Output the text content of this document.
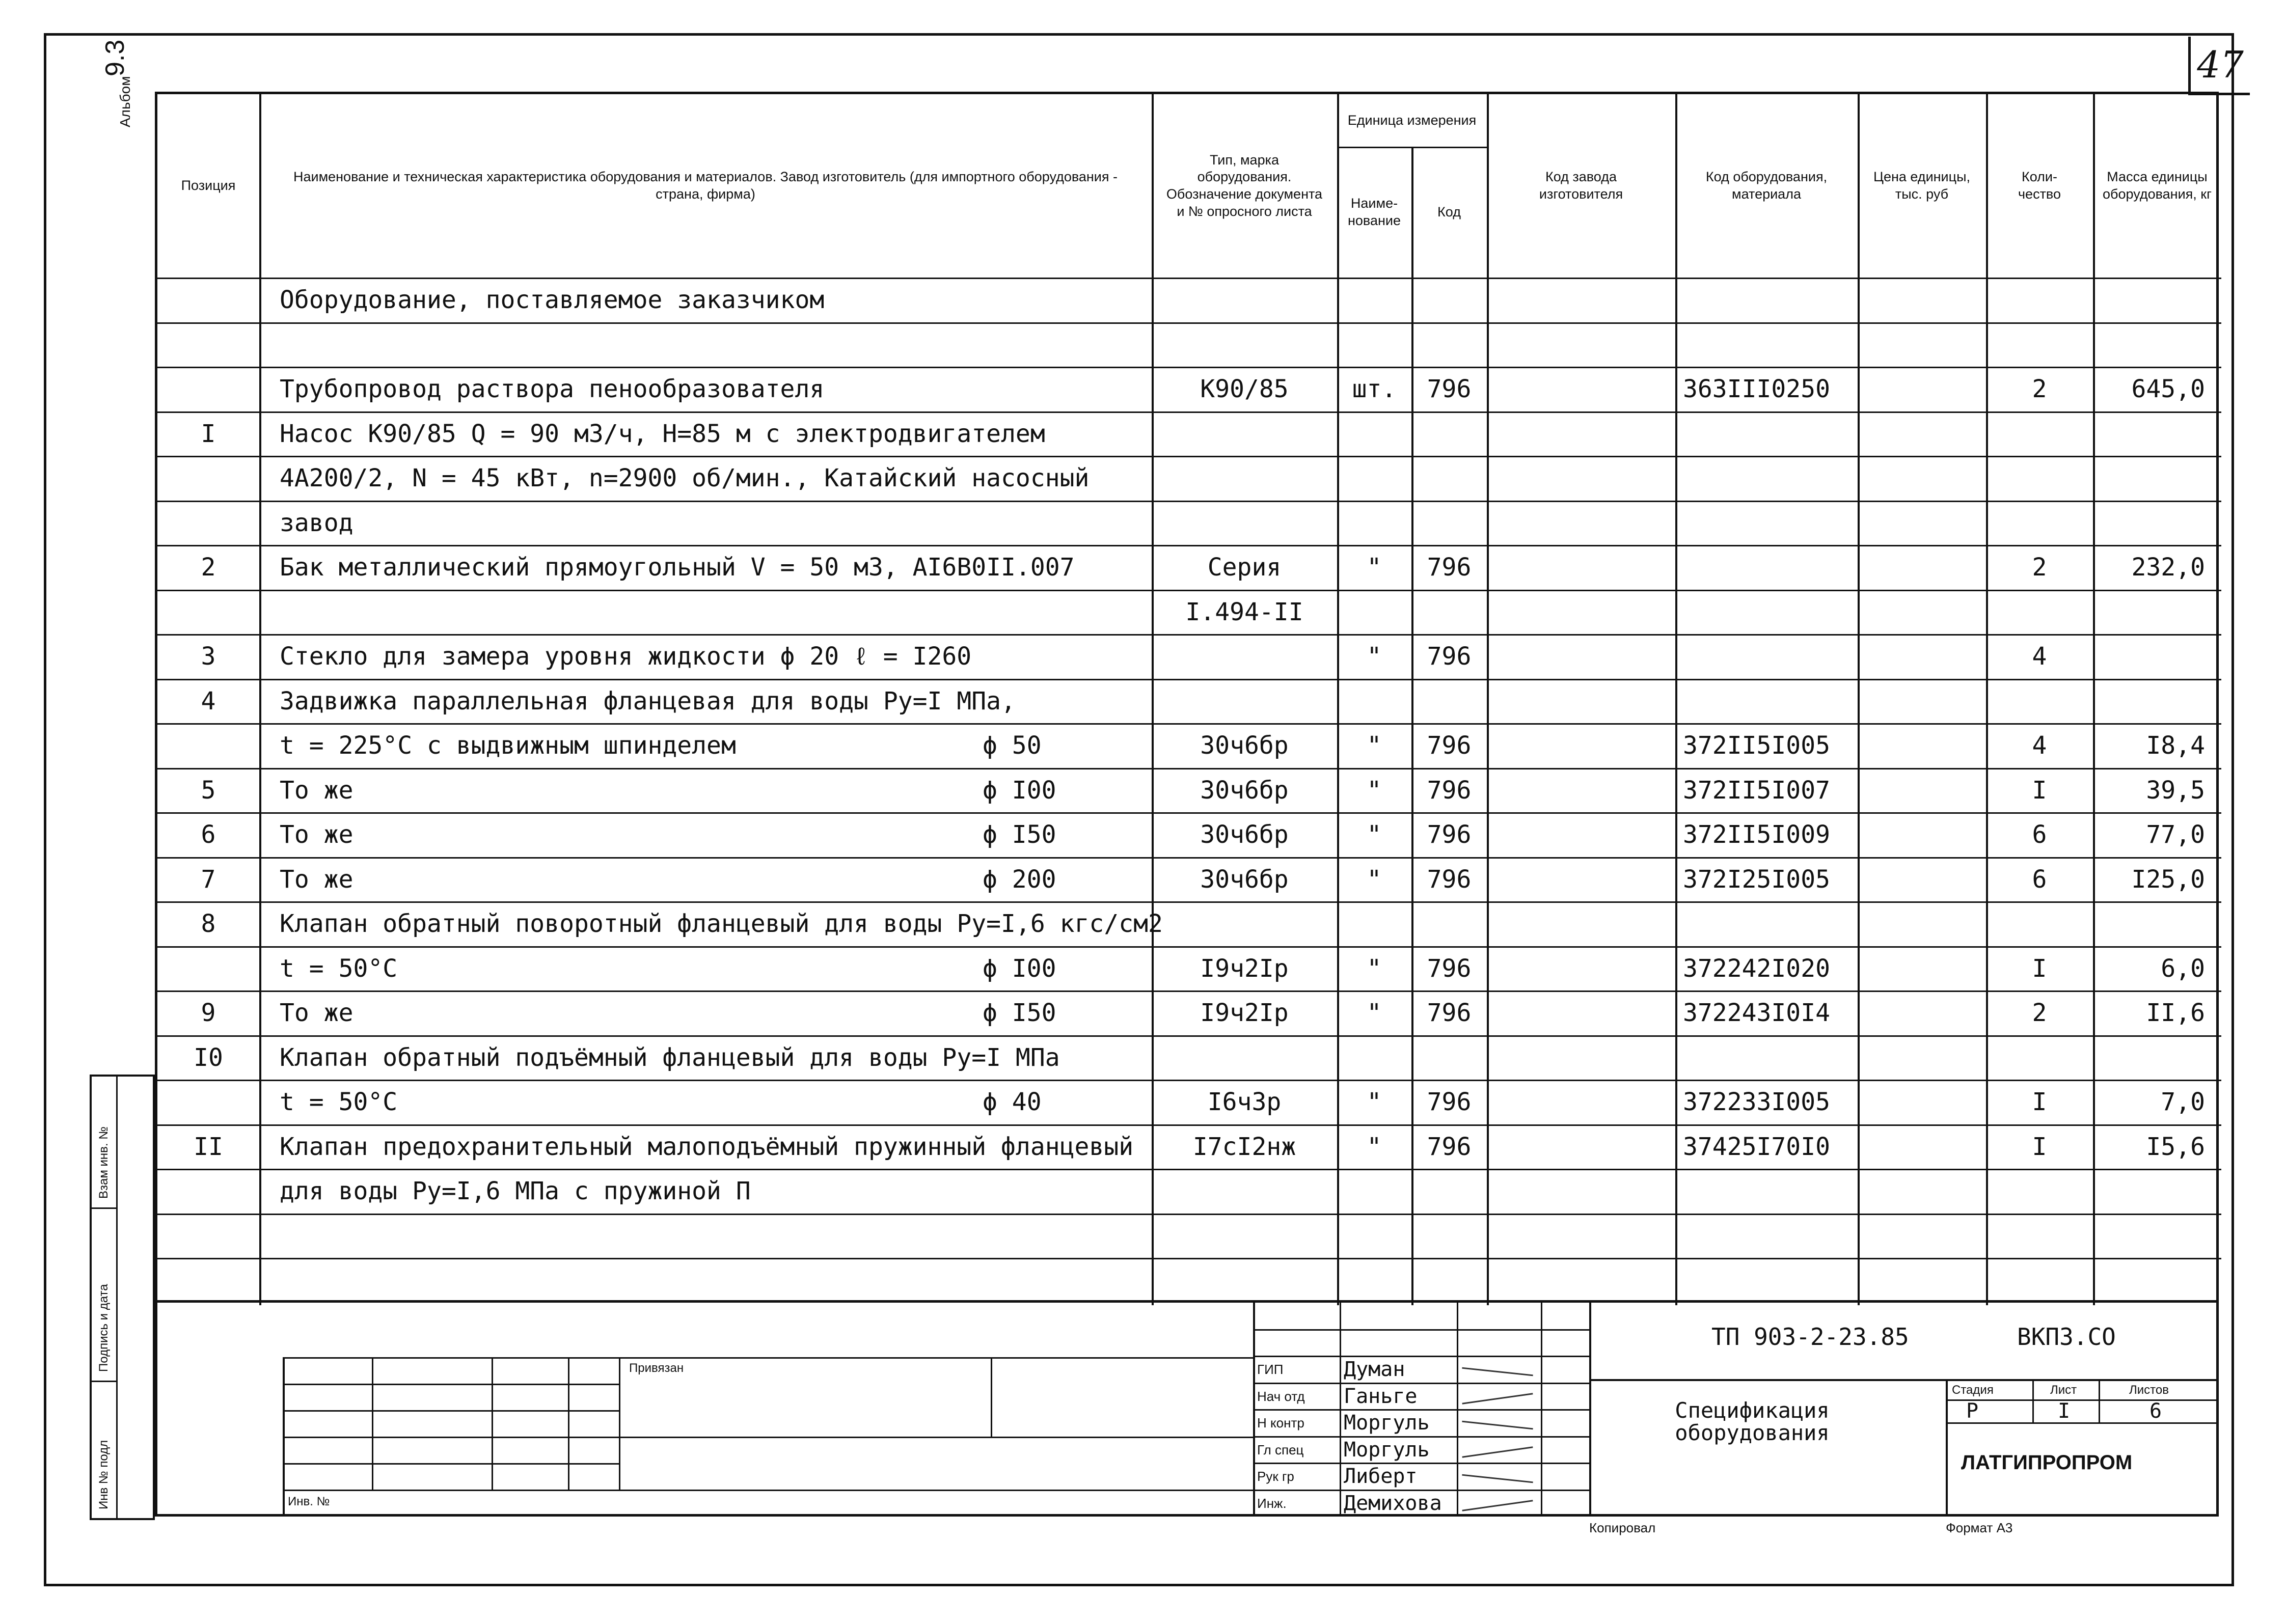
47
Альбом
9.3
Взам инв. №
Подпись и дата
Инв № подл
Позиция
Наименование и техническая характеристика оборудования и материалов. Завод изготовитель (для импортного оборудования - страна, фирма)
Тип, марка оборудования. Обозначение документа и № опросного листа
Единица измерения
Наиме- нование
Код
Код завода изготовителя
Код оборудования, материала
Цена единицы, тыс. руб
Коли- чество
Масса единицы оборудования, кг
Оборудование, поставляемое заказчиком
Трубопровод раствора пенообразователя	К90/85	шт.	796	363III0250	2	645,0
I	Насос К90/85 Q = 90 м3/ч, Н=85 м с электродвигателем
4А200/2, N = 45 кВт, n=2900 об/мин., Катайский насосный
завод
2	Бак металлический прямоугольный V = 50 м3, АI6В0II.007	Серия	"	796	2	232,0
I.494-II
3	Стекло для замера уровня жидкости ϕ 20 ℓ = I260	"	796	4
4	Задвижка параллельная фланцевая для воды Ру=I МПа,
t = 225°С с выдвижным шпинделем	ϕ 50	30ч6бр	"	796	372II5I005	4	I8,4
5	То же	ϕ I00	30ч6бр	"	796	372II5I007	I	39,5
6	То же	ϕ I50	30ч6бр	"	796	372II5I009	6	77,0
7	То же	ϕ 200	30ч6бр	"	796	372I25I005	6	I25,0
8	Клапан обратный поворотный фланцевый для воды Ру=I,6 кгс/см2
t = 50°С	ϕ I00	I9ч2Iр	"	796	372242I020	I	6,0
9	То же	ϕ I50	I9ч2Iр	"	796	372243I0I4	2	II,6
I0	Клапан обратный подъёмный фланцевый для воды Ру=I МПа
t = 50°С	ϕ 40	I6ч3р	"	796	372233I005	I	7,0
II	Клапан предохранительный малоподъёмный пружинный фланцевый	I7сI2нж	"	796	37425I70I0	I	I5,6
для воды Ру=I,6 МПа с пружиной П
Привязан
Инв. №
ГИП	Думан
Нач отд Ганьге
Н контр Моргуль
Гл спец Моргуль
Рук гр Либерт
Инж.	Демихова
ТП 903-2-23.85	ВКПЗ.СО
Спецификация оборудования
Стадия	Лист	Листов
Р	I	6
ЛАТГИПРОПРОМ
Копировал	Формат А3
